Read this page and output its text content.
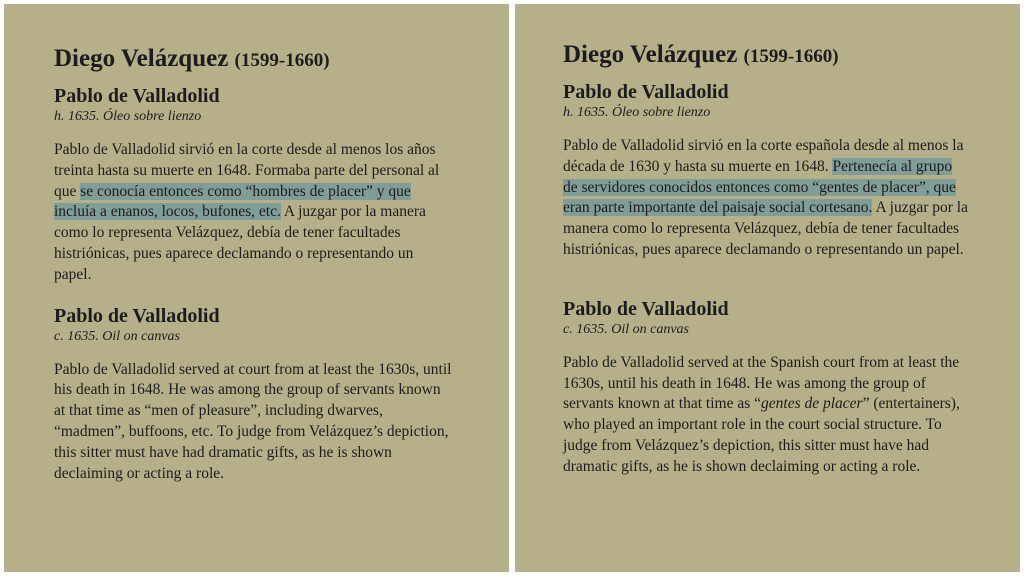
Diego Velázquez (1599-1660)
Pablo de Valladolid
h. 1635. Óleo sobre lienzo

Pablo de Valladolid sirvió en la corte desde al menos los años treinta hasta su muerte en 1648. Formaba parte del personal al que se conocía entonces como “hombres de placer” y que incluía a enanos, locos, bufones, etc. A juzgar por la manera como lo representa Velázquez, debía de tener facultades histriónicas, pues aparece declamando o representando un papel.

Pablo de Valladolid
c. 1635. Oil on canvas

Pablo de Valladolid served at court from at least the 1630s, until his death in 1648. He was among the group of servants known at that time as “men of pleasure”, including dwarves, “madmen”, buffoons, etc. To judge from Velázquez’s depiction, this sitter must have had dramatic gifts, as he is shown declaiming or acting a role.

Diego Velázquez (1599-1660)
Pablo de Valladolid
h. 1635. Óleo sobre lienzo

Pablo de Valladolid sirvió en la corte española desde al menos la década de 1630 y hasta su muerte en 1648. Pertenecía al grupo de servidores conocidos entonces como “gentes de placer”, que eran parte importante del paisaje social cortesano. A juzgar por la manera como lo representa Velázquez, debía de tener facultades histriónicas, pues aparece declamando o representando un papel.

Pablo de Valladolid
c. 1635. Oil on canvas

Pablo de Valladolid served at the Spanish court from at least the 1630s, until his death in 1648. He was among the group of servants known at that time as “gentes de placer” (entertainers), who played an important role in the court social structure. To judge from Velázquez’s depiction, this sitter must have had dramatic gifts, as he is shown declaiming or acting a role.
